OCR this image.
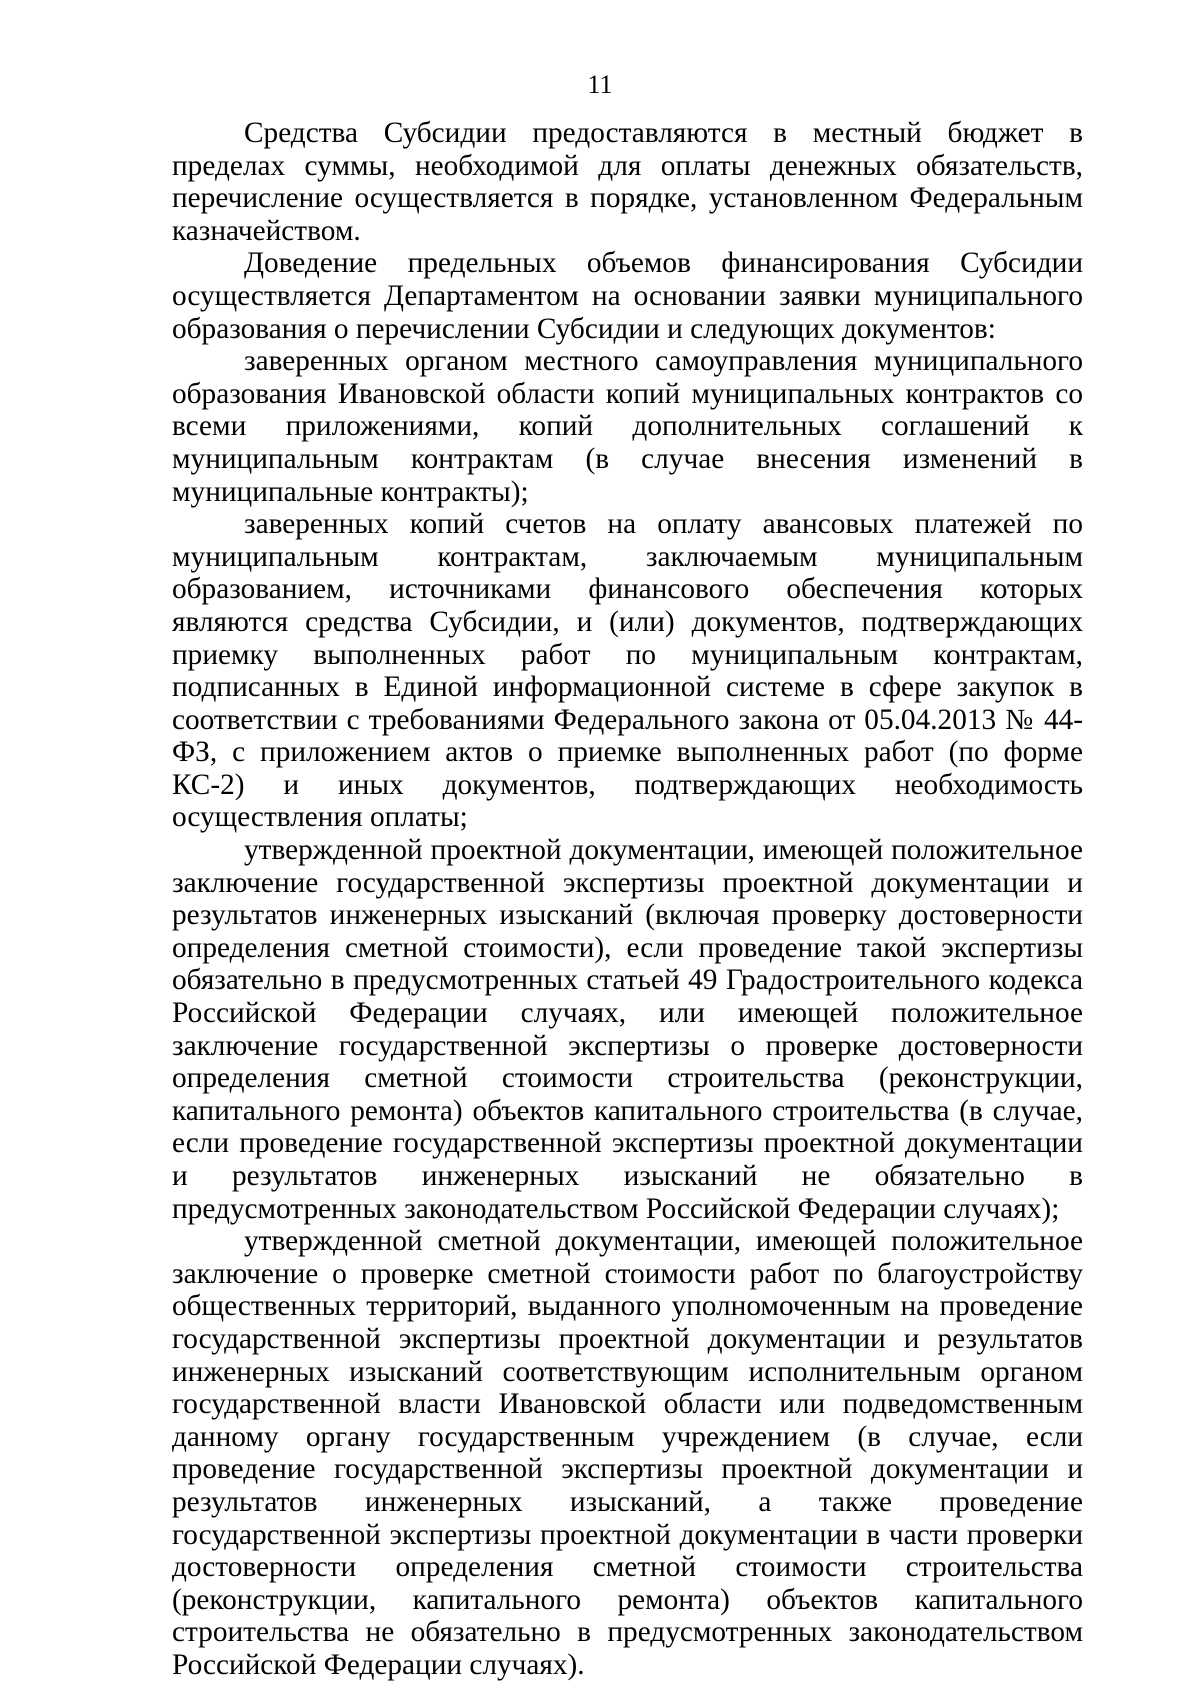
11

Средства Субсидии предоставляются в местный бюджет в пределах суммы, необходимой для оплаты денежных обязательств, перечисление осуществляется в порядке, установленном Федеральным казначейством.

Доведение предельных объемов финансирования Субсидии осуществляется Департаментом на основании заявки муниципального образования о перечислении Субсидии и следующих документов:

заверенных органом местного самоуправления муниципального образования Ивановской области копий муниципальных контрактов со всеми приложениями, копий дополнительных соглашений к муниципальным контрактам (в случае внесения изменений в муниципальные контракты);

заверенных копий счетов на оплату авансовых платежей по муниципальным контрактам, заключаемым муниципальным образованием, источниками финансового обеспечения которых являются средства Субсидии, и (или) документов, подтверждающих приемку выполненных работ по муниципальным контрактам, подписанных в Единой информационной системе в сфере закупок в соответствии с требованиями Федерального закона от 05.04.2013 № 44-ФЗ, с приложением актов о приемке выполненных работ (по форме КС-2) и иных документов, подтверждающих необходимость осуществления оплаты;

утвержденной проектной документации, имеющей положительное заключение государственной экспертизы проектной документации и результатов инженерных изысканий (включая проверку достоверности определения сметной стоимости), если проведение такой экспертизы обязательно в предусмотренных статьей 49 Градостроительного кодекса Российской Федерации случаях, или имеющей положительное заключение государственной экспертизы о проверке достоверности определения сметной стоимости строительства (реконструкции, капитального ремонта) объектов капитального строительства (в случае, если проведение государственной экспертизы проектной документации и результатов инженерных изысканий не обязательно в предусмотренных законодательством Российской Федерации случаях);

утвержденной сметной документации, имеющей положительное заключение о проверке сметной стоимости работ по благоустройству общественных территорий, выданного уполномоченным на проведение государственной экспертизы проектной документации и результатов инженерных изысканий соответствующим исполнительным органом государственной власти Ивановской области или подведомственным данному органу государственным учреждением (в случае, если проведение государственной экспертизы проектной документации и результатов инженерных изысканий, а также проведение государственной экспертизы проектной документации в части проверки достоверности определения сметной стоимости строительства (реконструкции, капитального ремонта) объектов капитального строительства не обязательно в предусмотренных законодательством Российской Федерации случаях).
